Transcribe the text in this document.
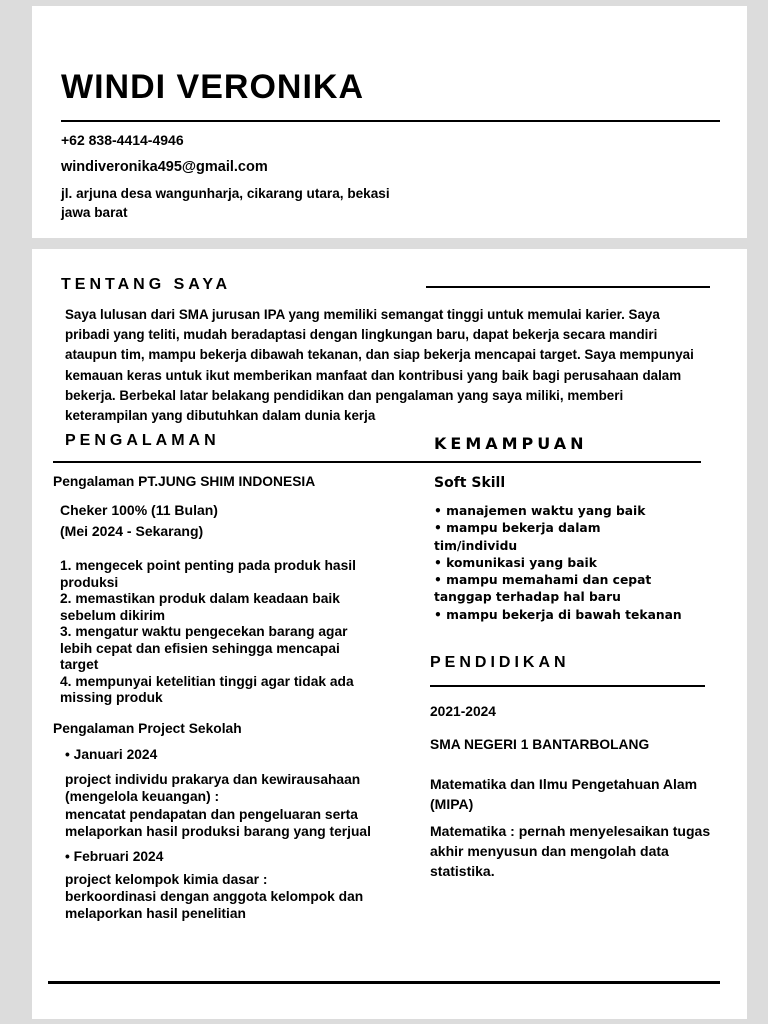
WINDI VERONIKA
+62 838-4414-4946
windiveronika495@gmail.com
jl. arjuna desa wangunharja, cikarang utara, bekasi
jawa barat
TENTANG SAYA
Saya lulusan dari SMA jurusan IPA yang memiliki semangat tinggi untuk memulai karier. Saya pribadi yang teliti, mudah beradaptasi dengan lingkungan baru, dapat bekerja secara mandiri ataupun tim, mampu bekerja dibawah tekanan, dan siap bekerja mencapai target. Saya mempunyai kemauan keras untuk ikut memberikan manfaat dan kontribusi yang baik bagi perusahaan dalam bekerja. Berbekal latar belakang pendidikan dan pengalaman yang saya miliki, memberi keterampilan yang dibutuhkan dalam dunia kerja
PENGALAMAN	KEMAMPUAN
Pengalaman PT.JUNG SHIM INDONESIA
Cheker 100% (11 Bulan)
(Mei 2024 - Sekarang)
1. mengecek point penting pada produk hasil produksi
2. memastikan produk dalam keadaan baik sebelum dikirim
3. mengatur waktu pengecekan barang agar lebih cepat dan efisien sehingga mencapai target
4. mempunyai ketelitian tinggi agar tidak ada missing produk
Pengalaman Project Sekolah
• Januari 2024
project individu prakarya dan kewirausahaan (mengelola keuangan) :
mencatat pendapatan dan pengeluaran serta melaporkan hasil produksi barang yang terjual
• Februari 2024
project kelompok kimia dasar :
berkoordinasi dengan anggota kelompok dan melaporkan hasil penelitian
Soft Skill
• manajemen waktu yang baik
• mampu bekerja dalam tim/individu
• komunikasi yang baik
• mampu memahami dan cepat tanggap terhadap hal baru
• mampu bekerja di bawah tekanan
PENDIDIKAN
2021-2024
SMA NEGERI 1 BANTARBOLANG
Matematika dan Ilmu Pengetahuan Alam (MIPA)
Matematika : pernah menyelesaikan tugas akhir menyusun dan mengolah data statistika.
